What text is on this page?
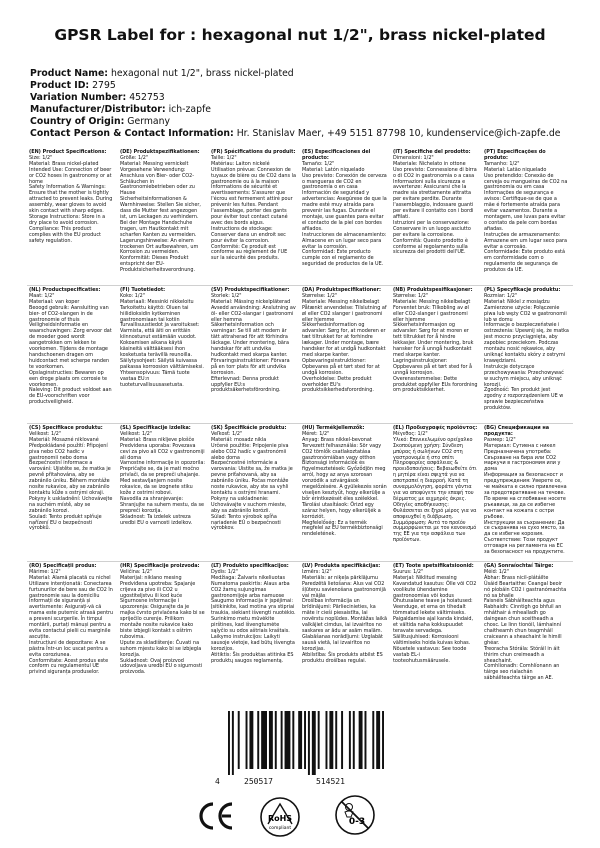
GPSR Label for : hexagonal nut 1/2", brass nickel-plated
Product Name: hexagonal nut 1/2", brass nickel-plated
Product ID: 2795
Variation Number: 452753
Manufacturer/Distributor: ich-zapfe
Country of Origin: Germany
Contact Person & Contact Information: Hr. Stanislav Maer, +49 5151 87798 10, kundenservice@ich-zapfe.de
(EN) Product Specifications:

Size: 1/2"

Material: Brass nickel-plated

Intended Use: Connection of beer or CO2 hoses in gastronomy or at home

Safety Information & Warnings: Ensure that the mother is tightly attracted to prevent leaks. During assembly, wear gloves to avoid skin contact with sharp edges.

Storage Instructions: Store in a dry place to avoid corrosion.

Compliance: This product complies with the EU product safety regulation.

(DE) Produktspezifikationen:

Größe: 1/2"

Material: Messing vernickelt

Vorgesehene Verwendung: Anschluss von Bier- oder CO2-Schläuchen in Gastronomiebetrieben oder zu Hause

Sicherheitsinformationen & Warnhinweise: Stellen Sie sicher, dass die Mutter fest angezogen ist, um Leckagen zu verhindern. Bei der Montage Handschuhe tragen, um Hautkontakt mit scharfen Kanten zu vermeiden.

Lagerungshinweise: An einem trockenen Ort aufbewahren, um Korrosion zu vermeiden.

Konformität: Dieses Produkt entspricht der EU-Produktsicherheitsverordnung.

(FR) Spécifications du produit:

Taille: 1/2"

Matériau: Laiton nickelé

Utilisation prévue: Connexion de tuyaux de bière ou de CO2 dans la gastronomie ou à la maison

Informations de sécurité et avertissements: S'assurer que l'écrou est fermement attiré pour prévenir les fuites. Pendant l'assemblage, porter des gants pour éviter tout contact cutané avec des bords aigus.

Instructions de stockage: Conserver dans un endroit sec pour éviter la corrosion.

Conformité: Ce produit est conforme au règlement de l'UE sur la sécurité des produits.

(ES) Especificaciones del producto:

Tamaño: 1/2"

Material: Latón niquelado

Uso previsto: Conexión de cerveza o mangueras de CO2 en gastronomía o en casa

Información de seguridad y advertencias: Asegúrese de que la madre esté muy atraída para prevenir las fugas. Durante el montaje, use guantes para evitar el contacto de la piel con bordes afilados.

Instrucciones de almacenamiento: Almacene en un lugar seco para evitar la corrosión.

Conformidad: Este producto cumple con el reglamento de seguridad de productos de la UE.

(IT) Specifiche del prodotto:

Dimensioni: 1/2"

Materiale: Nichelato in ottone

Uso previsto: Connessione di birra o di CO2 in gastronomia o a casa

Informazioni sulla sicurezza e avvertenze: Assicurarsi che la madre sia strettamente attratta per evitare perdite. Durante l'assemblaggio, indossare guanti per evitare il contatto con i bordi affilati.

Istruzioni per la conservazione: Conservare in un luogo asciutto per evitare la corrosione.

Conformità: Questo prodotto è conforme al regolamento sulla sicurezza dei prodotti dell'UE.

(PT) Especificações do produto:

Tamanho: 1/2"

Material: Latão niquelado

Uso pretendido: Conexão de cerveja ou mangueiras de CO2 na gastronomia ou em casa

Informações de segurança e avisos: Certifique-se de que a mãe é fortemente atraída para evitar vazamentos. Durante a montagem, use luvas para evitar o contato da pele com bordas afiadas.

Instruções de armazenamento: Armazene em um lugar seco para evitar a corrosão.

Conformidade: Este produto está em conformidade com o regulamento de segurança de produtos da UE.

(NL) Productspecificaties:

Maat: 1/2"

Materiaal: van koper

Beoogd gebruik: Aansluiting van bier- of CO2-slangen in de gastronomie of thuis

Veiligheidsinformatie en waarschuwingen: Zorg ervoor dat de moeder goed wordt aangetrokken om lekken te voorkomen. Tijdens de montage handschoenen dragen om huidcontact met scherpe randen te voorkomen.

Opslaginstructies: Bewaren op een droge plaats om corrosie te voorkomen.

Naleving: Dit product voldoet aan de EU-voorschriften voor productveiligheid.

(FI) Tuotetiedot:

Koko: 1/2"

Materiaali: Messinki nikkeloitu

Tarkoitettu käyttö: Oluen tai hiilidioksidin kytkeminen gastronomiaan tai kotiin

Turvallisuustiedot ja varoitukset: Varmista, että äiti on erittäin kiinnostunut estämään vuodot. Kokoamisen aikana käytä käsineitä välttääksesi ihon kosketusta terävillä reunoilla.

Säilytysohjeet: Säilytä kuivassa paikassa korroosion välttämiseksi.

Yhteensopivuus: Tämä tuote vastaa EU:n tuoteturvallisuusasetusta.

(SV) Produktspecifikationer:

Storlek: 1/2"

Material: Mässing nickelpläterad

Avsedd användning: Anslutning av öl- eller CO2-slangar i gastronomi eller hemma

Säkerhetsinformation och varningar: Se till att modern är tätt attraherad för att förhindra läckage. Under montering, bära handskar för att undvika hudkontakt med skarpa kanter.

Förvaringsinstruktioner: Förvara på en torr plats för att undvika korrosion.

Efterlevnad: Denna produkt uppfyller EU:s produktsäkerhetsförordning.

(DA) Produktspecifikationer:

Størrelse: 1/2"

Materiale: Messing nikkelbelagt

Påtænkt anvendelse: Tilslutning af øl eller CO2 slanger i gastronomi eller hjemme

Sikkerhedsinformation og advarsler: Sørg for, at moderen er tæt tiltrukket for at forhindre lækager. Under montage, bære handsker for at undgå hudkontakt med skarpe kanter.

Opbevaringsinstruktioner: Opbevares på et tørt sted for at undgå korrosion.

Overholdelse: Dette produkt overholder EU's produktsikkerhedsforordning.

(NB) Produktspesifikasjoner:

Størrelse: 1/2"

Materiale: Messing nikkelbelagt

Forventet bruk: Tilkobling av øl eller CO2-slanger i gastronomi eller hjemme

Sikkerhetsinformasjon og advarsler: Sørg for at moren er tett tiltrukket for å hindre lekkasjer. Under montering, bruk hansker for å unngå hudkontakt med skarpe kanter.

Lagringsinstruksjoner: Oppbevares på et tørt sted for å unngå korrosjon.

Overensstemmelse: Dette produktet oppfyller EUs forordning om produktsikkerhet.

(PL) Specyfikacje produktu:

Rozmiar: 1/2"

Materiał: Niklel z mosiądzu

Zamierzone użycie: Połączenie piwa lub węży CO2 w gastronomii lub w domu

Informacje o bezpieczeństwie i ostrzeżenia: Upewnij się, że matka jest mocno przyciągnięta, aby zapobiec przeciekom. Podczas montażu nosić rękawice, aby uniknąć kontaktu skóry z ostrymi krawędziami.

Instrukcje dotyczące przechowywania: Przechowywać w suchym miejscu, aby uniknąć korozji.

Zgodność: Ten produkt jest zgodny z rozporządzeniem UE w sprawie bezpieczeństwa produktów.

(CS) Specifikace produktu:

Velikost: 1/2"

Materiál: Mosazné niklované

Předpokládané použití: Připojení piva nebo CO2 hadic v gastronomii nebo doma

Bezpečnostní informace a varování: Ujistěte se, že matka je pevně přitahována, aby se zabránilo úniku. Během montáže nosíte rukavice, aby se zabránilo kontaktu kůže s ostrými okraji.

Pokyny k uskladnění: Uchovávejte na suchém místě, aby se zabránilo korozi.

Soulad: Tento produkt splňuje nařízení EU o bezpečnosti výrobků.

(SL) Specifikacije izdelka:

Velikost: 1/2"

Material: Brass nikljeve plošče

Predvidena uporaba: Povezava cevi za pivo ali CO2 v gastronomiji ali doma

Varnostne informacije in opozorila: Prepričajte se, da je mati močno privlači, da se prepreči uhajanje. Med sestavljanjem nosite rokavice, da se izognete stiku kože z ostrimi robovi.

Navodila za shranjevanje: Shranjujte na suhem mestu, da se prepreči korozija.

Skladnost: Ta izdelek ustreza uredbi EU o varnosti izdelkov.

(SK) Špecifikácie produktu:

Veľkosť: 1/2"

Materiál: mosadz nikla

Určené použitie: Pripojenie piva alebo CO2 hadíc v gastronómii alebo doma

Bezpečnostné informácie a varovania: Uistite sa, že matka je pevne priťahovaná, aby sa zabránilo úniku. Počas montáže noste rukavice, aby ste sa vyhli kontaktu s ostrými hranami.

Pokyny na uskladnenie: Uchovávajte v suchom mieste, aby sa zabránilo korózii.

Súlad: Tento výrobok spĺňa nariadenie EÚ o bezpečnosti výrobkov.

(HU) Termékjellemzők:

Méret: 1/2"

Anyag: Brass nikkel-bevonat

Tervezett felhasználás: Sör vagy CO2 tömlők csatlakoztatása gasztronómiában vagy otthon

Biztonsági információk és figyelmeztetések: Győződjön meg arról, hogy az anya szorosan vonzódik a szivárgások megelőzésére. A gyülekezés során viseljen kesztyűt, hogy elkerülje a bőr érintkezését éles szélekkel.

Tárolási utasítások: Őrizd egy száraz helyen, hogy elkerüljék a korróziót.

Megfelelőség: Ez a termék megfelel az EU termékbiztonsági rendeletének.

(EL) Προδιαγραφές προϊόντος:

Μέγεθος: 1/2"

Υλικό: Επινικελωμένο ορείχαλκο

Σκοπούμενη χρήση: Σύνδεση μπύρας ή σωλήνων CO2 στη γαστρονομία ή στο σπίτι

Πληροφορίες ασφάλειας & προειδοποιήσεις: Βεβαιωθείτε ότι η μητέρα είναι σφιχτά για να αποτραπεί η διαρροή. Κατά τη συναρμολόγηση, φοράτε γάντια για να αποφύγετε την επαφή του δέρματος με αιχμηρές άκρες.

Οδηγίες αποθήκευσης: Φυλάσσεται σε ξηρό μέρος για να αποφευχθεί η διάβρωση.

Συμμόρφωση: Αυτό το προϊόν συμμορφώνεται με τον κανονισμό της ΕΕ για την ασφάλεια των προϊόντων.

(BG) Спецификации на продукта:

Размер: 1/2"

Материал: Сутиена с никел

Предназначена употреба: Свързване на бира или CO2 маркучи в гастрономия или у дома

Информация за безопасност и предупреждения: Уверете се, че майката е силно привлечена за предотвратяване на течове. По време на сглобяване носете ръкавици, за да се избегне контакт на кожата с остри ръбове.

Инструкции за съхранение: Да се съхранява на сухо място, за да се избегне корозия.

Съответствие: Този продукт отговаря на регламента на ЕС за безопасност на продуктите.

(RO) Specificații produs:

Mărime: 1/2"

Material: Alamă placată cu nichel

Utilizare intenționată: Conectarea furtunurilor de bere sau de CO2 în gastronomie sau la domiciliu

Informații de siguranță și avertismente: Asigurați-vă că mama este puternic atrasă pentru a preveni scurgerile. În timpul montării, purtați mănuși pentru a evita contactul pielii cu marginile ascuțite.

Instrucțiuni de depozitare: A se păstra într-un loc uscat pentru a evita coroziunea.

Conformitate: Acest produs este conform cu regulamentul UE privind siguranța produselor.

(HR) Specifikacije proizvoda:

Veličina: 1/2"

Materijal: niklano mesing

Predviđena upotreba: Spajanje crijeva za pivo ili CO2 u ugostiteljstvu ili kod kuće

Sigurnosne informacije i upozorenja: Osigurajte da je majka čvrsto privlačena kako bi se spriječilo curenje. Prilikom montaže nosite rukavice kako biste izbjegli kontakt s oštrim rubovima.

Upute za skladištenje: Čuvati na suhom mjestu kako bi se izbjegla korozija.

Sukladnost: Ovaj proizvod udovoljava uredbi EU o sigurnosti proizvoda.

(LT) Produkto specifikacijos:

Dydis: 1/2"

Medžiaga: Žalvaris nikeliuotas

Numatoma paskirtis: Alaus arba CO2 žarnų sujungimas gastronomijoje arba namuose

Saugumo informacija ir įspėjimai: Įsitikinkite, kad motina yra stipriai traukia, siekiant išvengti nuotėkio. Surinkimo metu mūvėkite pirštines, kad išvengtumėte sąlyčio su odos aštriais kraštais.

Laikymo instrukcijos: Laikyti sausoje vietoje, kad būtų išvengta korozijos.

Atitiktis: Šis produktas atitinka ES produktų saugos reglamentą.

(LV) Produkta specifikācijas:

Izmērs: 1/2"

Materiāls: ar niķeļa pārklājumu

Paredzētā lietošana: Alus vai CO2 šļūteņu savienošana gastronomijā vai mājās

Drošības informācija un brīdinājumi: Pārliecinieties, ka māte ir cieši piesaistīta, lai novērstu noplūdes. Montāžas laikā valkājiet cimdus, lai izvairītos no saskares ar ādu ar asām malām.

Glabāšanas norādījumi: Uzglabāt sausā vietā, lai izvairītos no korozijas.

Atbilstība: Šis produkts atbilst ES produktu drošības regulai.

(ET) Toote spetsifikatsioonid:

Suurus: 1/2"

Materjal: Niklitud messing

Kavandatud kasutus: Õlle või CO2 voolikute ühendamine gastronoomias või kodus

Ohutusalane teave ja hoiatused: Veenduge, et ema on tihedalt tõmmatud lekete vältimiseks. Paigaldamise ajal kanda kindaid, et vältida naha kokkupuudet teravate servadega.

Säilitusjuhised: Korrosiooni vältimiseks hoida kuivas kohas.

Nõuetele vastavus: See toode vastab EL-i tooteohutusmäärusele.

(GA) Sonraíochtaí Táirge:

Méid: 1/2"

Ábhar: Brass nicil-plátáilte

Úsáid Beartaithe: Ceangal beoir nó píobáin CO2 i gastranómachta nó sa bhaile

Faisnéis Sábháilteachta agus Rabhaidh: Cinntigh go bhfuil an mháthair á mhealladh go daingean chun sceitheadh a chosc. Le linn tionóil, lámhainní chaitheamh chun teagmháil craiceann a sheachaint le himill ghéar.

Treoracha Stórála: Stóráil in áit thirim chun creimeadh a sheachaint.

Comhlíonadh: Comhlíonann an táirge seo rialachán sábháilteachta táirge an AE.

4	250517	514521
RoHS
compliant
0-3
